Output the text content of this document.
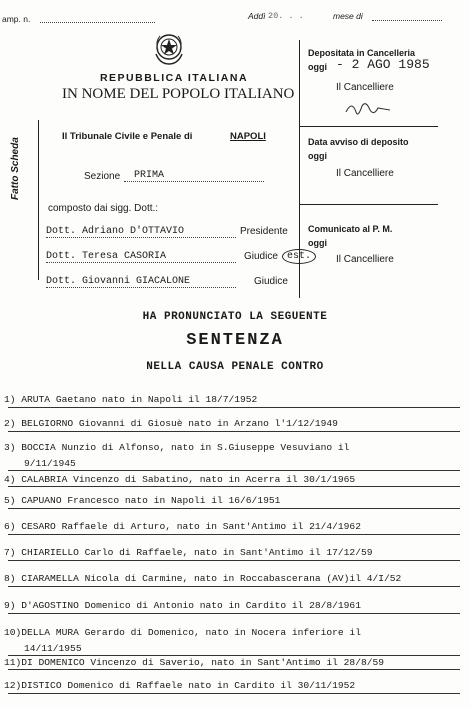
amp. n.	Addì 20. . .	mese di
REPUBBLICA ITALIANA
IN NOME DEL POPOLO ITALIANO
Depositata in Cancelleria
oggi - 2 AGO 1985
Il Cancelliere
Data avviso di deposito
oggi
Il Cancelliere
Comunicato al P. M.
oggi
Il Cancelliere
Fatto Scheda
Il Tribunale Civile e Penale di	NAPOLI
Sezione PRIMA
composto dai sigg. Dott.:
Dott. Adriano D'OTTAVIO	Presidente
Dott. Teresa CASORIA	Giudice est.
Dott. Giovanni GIACALONE	Giudice
HA PRONUNCIATO LA SEGUENTE
SENTENZA
NELLA CAUSA PENALE CONTRO
1) ARUTA Gaetano nato in Napoli il 18/7/1952
2) BELGIORNO Giovanni di Giosuè nato in Arzano l'1/12/1949
3) BOCCIA Nunzio di Alfonso, nato in S.Giuseppe Vesuviano il
9/11/1945
4) CALABRIA Vincenzo di Sabatino, nato in Acerra il 30/1/1965
5) CAPUANO Francesco nato in Napoli il 16/6/1951
6) CESARO Raffaele di Arturo, nato in Sant'Antimo il 21/4/1962
7) CHIARIELLO Carlo di Raffaele, nato in Sant'Antimo il 17/12/59
8) CIARAMELLA Nicola di Carmine, nato in Roccabascerana (AV)il 4/I/52
9) D'AGOSTINO Domenico di Antonio nato in Cardito il 28/8/1961
10)DELLA MURA Gerardo di Domenico, nato in Nocera inferiore il
14/11/1955
11)DI DOMENICO Vincenzo di Saverio, nato in Sant'Antimo il 28/8/59
12)DISTICO Domenico di Raffaele nato in Cardito il 30/11/1952
